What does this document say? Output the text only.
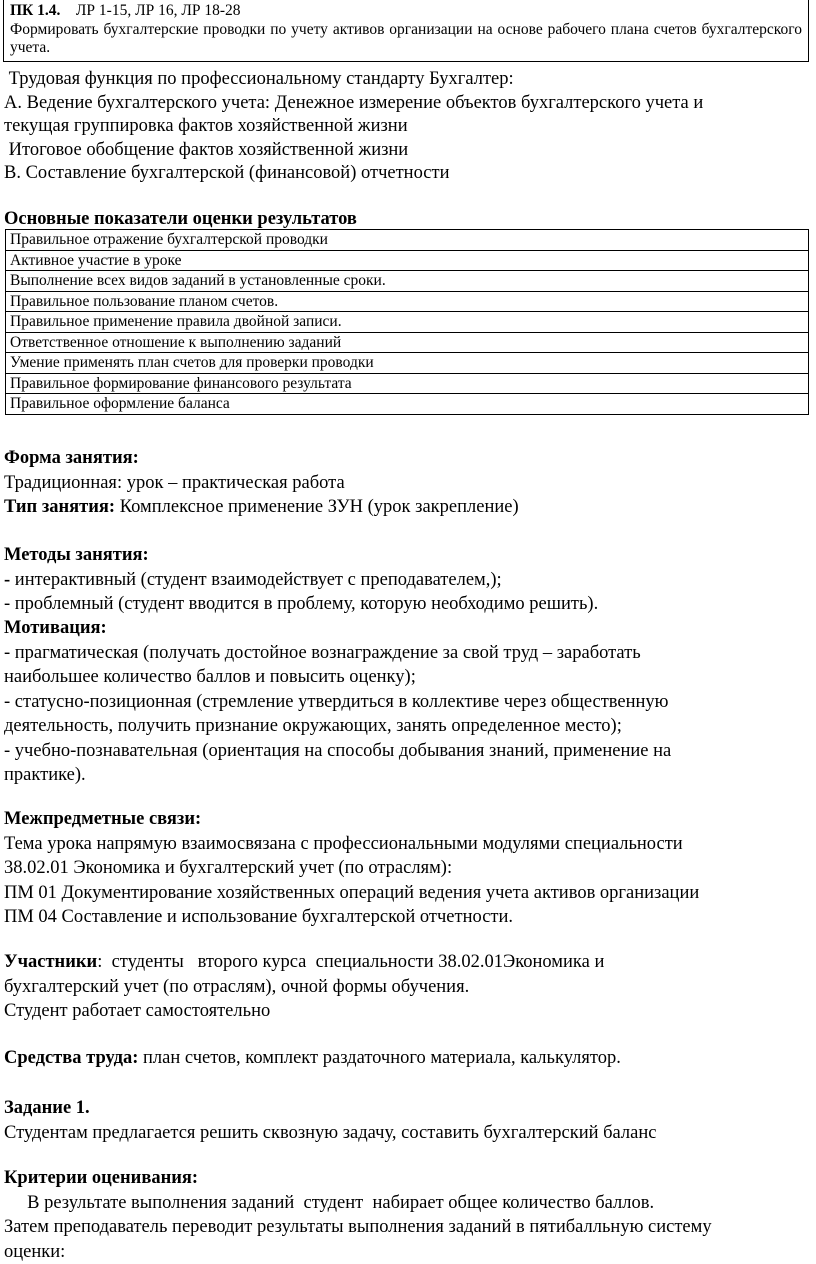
ПК 1.4. ЛР 1-15, ЛР 16, ЛР 18-28
Формировать бухгалтерские проводки по учету активов организации на основе рабочего плана счетов бухгалтерского учета.
Трудовая функция по профессиональному стандарту Бухгалтер:
А. Ведение бухгалтерского учета: Денежное измерение объектов бухгалтерского учета и
текущая группировка фактов хозяйственной жизни
Итоговое обобщение фактов хозяйственной жизни
В. Составление бухгалтерской (финансовой) отчетности
Основные показатели оценки результатов
Правильное отражение бухгалтерской проводки
Активное участие в уроке
Выполнение всех видов заданий в установленные сроки.
Правильное пользование планом счетов.
Правильное применение правила двойной записи.
Ответственное отношение к выполнению заданий
Умение применять план счетов для проверки проводки
Правильное формирование финансового результата
Правильное оформление баланса
Форма занятия:
Традиционная: урок – практическая работа
Тип занятия: Комплексное применение ЗУН (урок закрепление)
Методы занятия:
- интерактивный (студент взаимодействует с преподавателем,);
- проблемный (студент вводится в проблему, которую необходимо решить).
Мотивация:
- прагматическая (получать достойное вознаграждение за свой труд – заработать
наибольшее количество баллов и повысить оценку);
- статусно-позиционная (стремление утвердиться в коллективе через общественную
деятельность, получить признание окружающих, занять определенное место);
- учебно-познавательная (ориентация на способы добывания знаний, применение на
практике).
Межпредметные связи:
Тема урока напрямую взаимосвязана с профессиональными модулями специальности
38.02.01 Экономика и бухгалтерский учет (по отраслям):
ПМ 01 Документирование хозяйственных операций ведения учета активов организации
ПМ 04 Составление и использование бухгалтерской отчетности.
Участники:  студенты   второго курса  специальности 38.02.01Экономика и
бухгалтерский учет (по отраслям), очной формы обучения.
Студент работает самостоятельно
Средства труда: план счетов, комплект раздаточного материала, калькулятор.
Задание 1.
Студентам предлагается решить сквозную задачу, составить бухгалтерский баланс
Критерии оценивания:
В результате выполнения заданий  студент  набирает общее количество баллов.
Затем преподаватель переводит результаты выполнения заданий в пятибалльную систему
оценки:
